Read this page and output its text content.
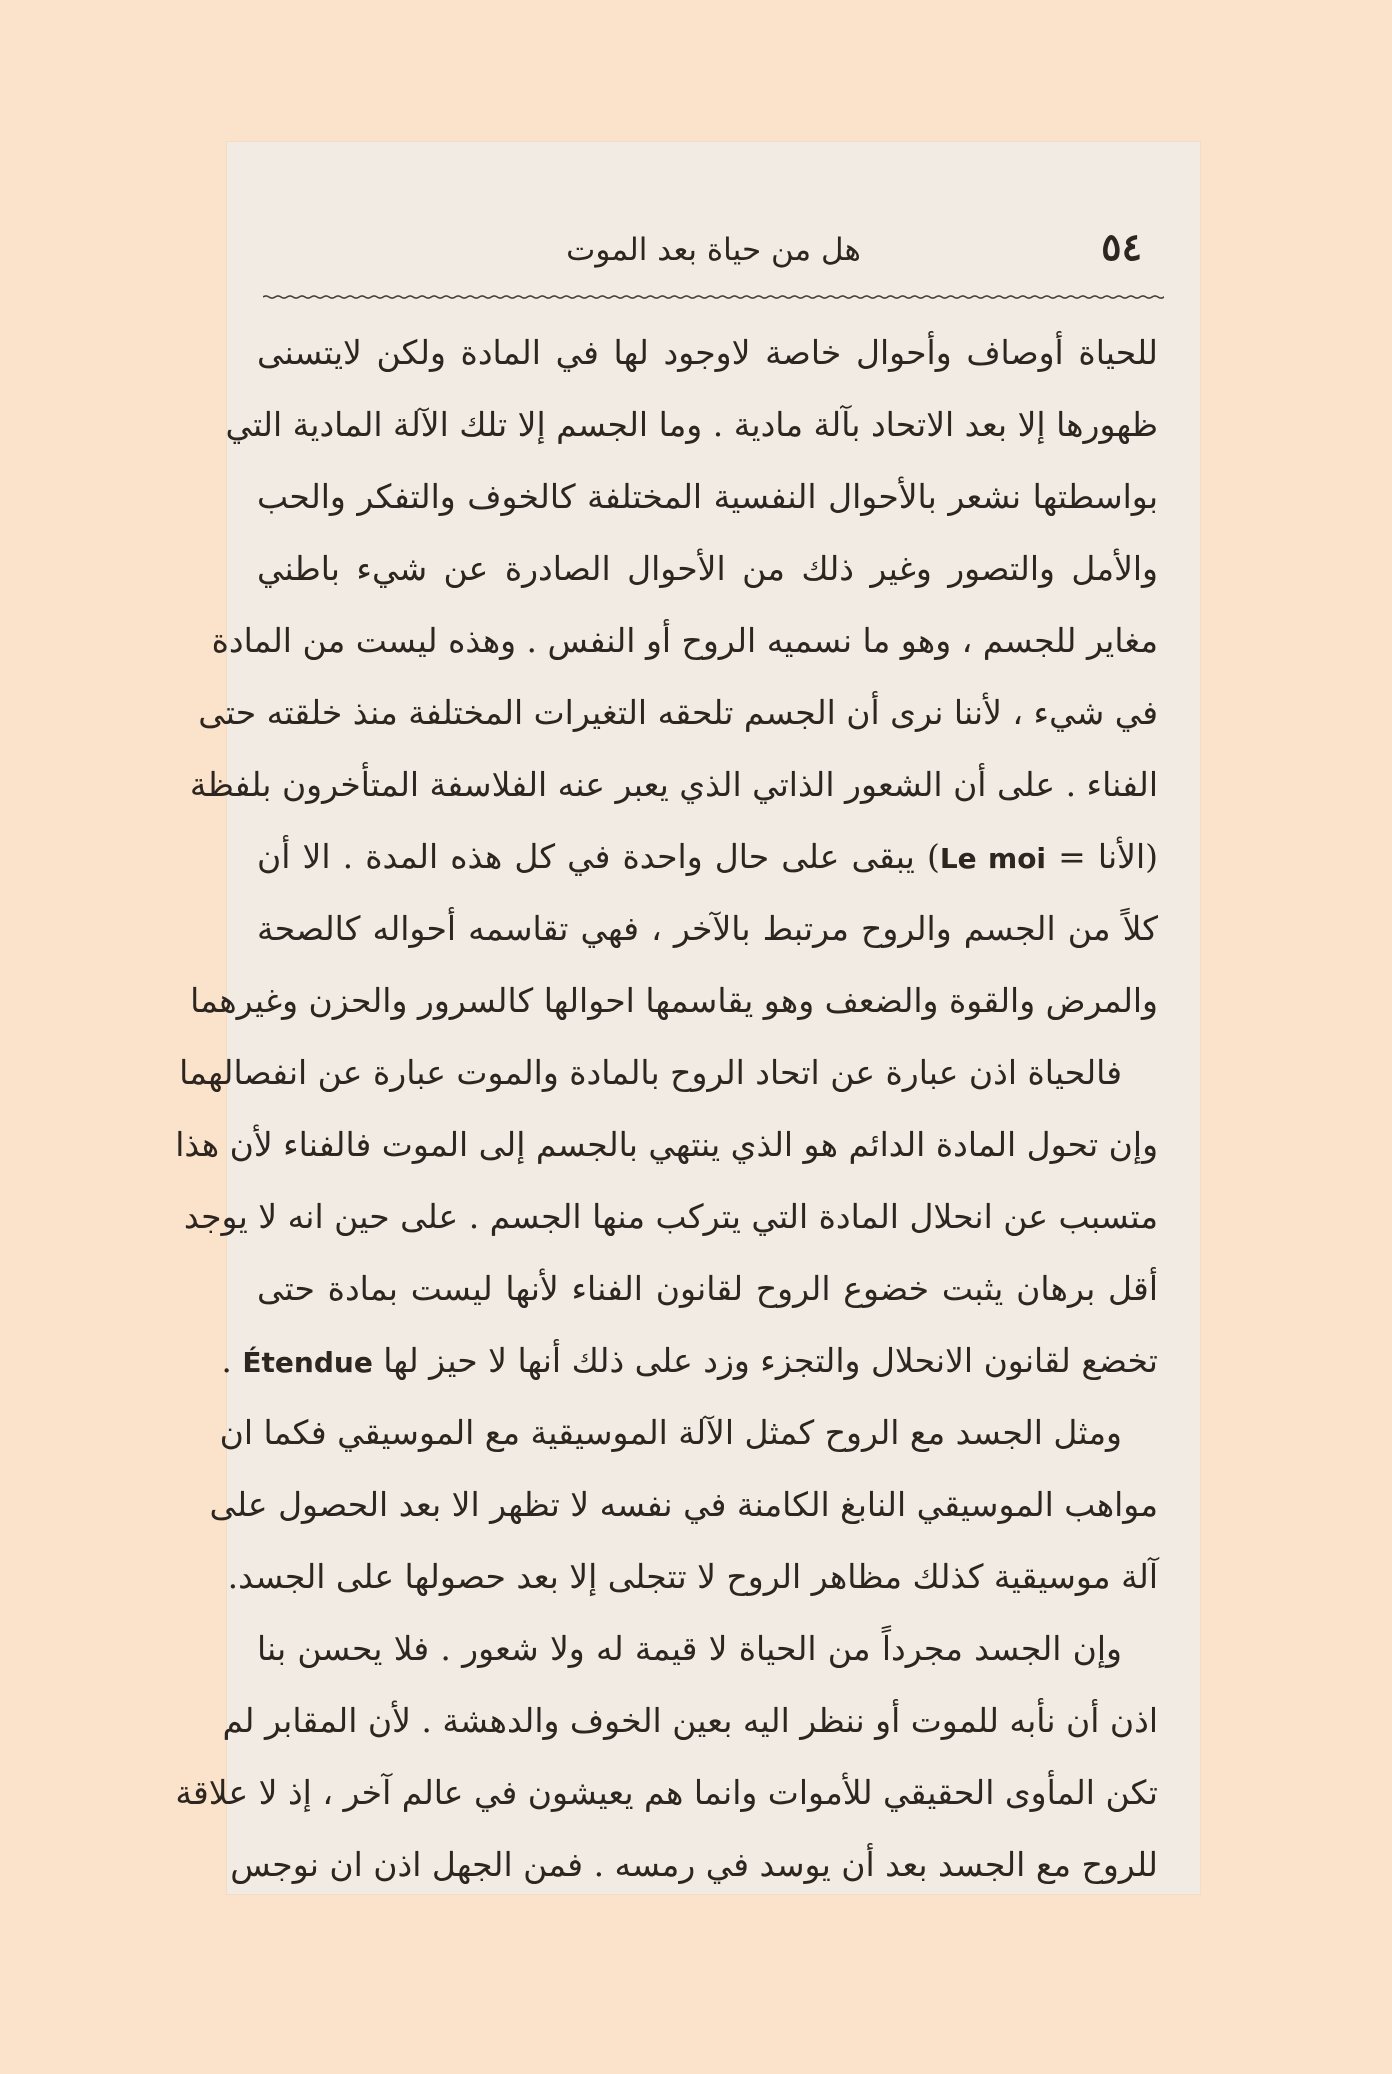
٥٤
هل من حياة بعد الموت
للحياة أوصاف وأحوال خاصة لاوجود لها في المادة ولكن لايتسنى
ظهورها إلا بعد الاتحاد بآلة مادية . وما الجسم إلا تلك الآلة المادية التي
بواسطتها نشعر بالأحوال النفسية المختلفة كالخوف والتفكر والحب
والأمل والتصور وغير ذلك من الأحوال الصادرة عن شيء باطني
مغاير للجسم ، وهو ما نسميه الروح أو النفس . وهذه ليست من المادة
في شيء ، لأننا نرى أن الجسم تلحقه التغيرات المختلفة منذ خلقته حتى
الفناء . على أن الشعور الذاتي الذي يعبر عنه الفلاسفة المتأخرون بلفظة
(الأنا = Le moi) يبقى على حال واحدة في كل هذه المدة . الا أن
كلاً من الجسم والروح مرتبط بالآخر ، فهي تقاسمه أحواله كالصحة
والمرض والقوة والضعف وهو يقاسمها احوالها كالسرور والحزن وغيرهما
فالحياة اذن عبارة عن اتحاد الروح بالمادة والموت عبارة عن انفصالهما
وإن تحول المادة الدائم هو الذي ينتهي بالجسم إلى الموت فالفناء لأن هذا
متسبب عن انحلال المادة التي يتركب منها الجسم . على حين انه لا يوجد
أقل برهان يثبت خضوع الروح لقانون الفناء لأنها ليست بمادة حتى
تخضع لقانون الانحلال والتجزء وزد على ذلك أنها لا حيز لها Étendue .
ومثل الجسد مع الروح كمثل الآلة الموسيقية مع الموسيقي فكما ان
مواهب الموسيقي النابغ الكامنة في نفسه لا تظهر الا بعد الحصول على
آلة موسيقية كذلك مظاهر الروح لا تتجلى إلا بعد حصولها على الجسد.
وإن الجسد مجرداً من الحياة لا قيمة له ولا شعور . فلا يحسن بنا
اذن أن نأبه للموت أو ننظر اليه بعين الخوف والدهشة . لأن المقابر لم
تكن المأوى الحقيقي للأموات وانما هم يعيشون في عالم آخر ، إذ لا علاقة
للروح مع الجسد بعد أن يوسد في رمسه . فمن الجهل اذن ان نوجس
